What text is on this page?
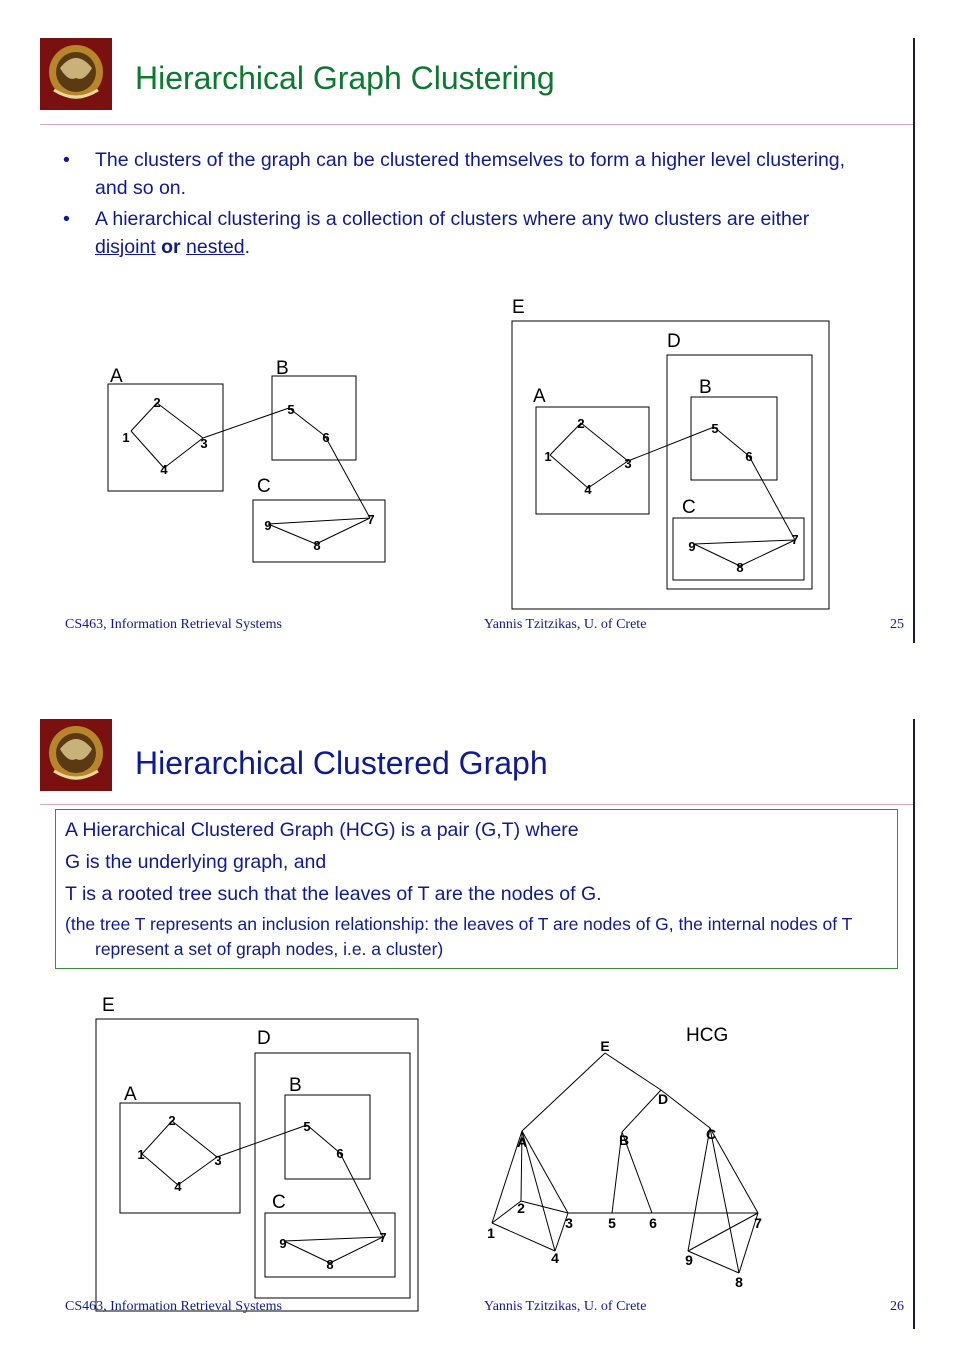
Hierarchical Graph Clustering
• The clusters of the graph can be clustered themselves to form a higher level clustering, and so on.
• A hierarchical clustering is a collection of clusters where any two clusters are either disjoint or nested.
A	B
C
1
2
3
4
5
6
7
8
9
E
D
A	B
C
1
2
3
4
5
6
7
8
9
CS463, Information Retrieval Systems	Yannis Tzitzikas, U. of Crete	25
Hierarchical Clustered Graph

A Hierarchical Clustered Graph (HCG) is a pair (G,T) where

G is the underlying graph, and

T is a rooted tree such that the leaves of T are the nodes of G.

(the tree T represents an inclusion relationship: the leaves of T are nodes of G, the internal nodes of T represent a set of graph nodes, i.e. a cluster)

E
D
A	B
C
1
2
3
4
5
6
7
8
9
HCG
E
D
A	B	C
1
2
3
4
5 6	7
8
9
CS463, Information Retrieval Systems	Yannis Tzitzikas, U. of Crete	26
